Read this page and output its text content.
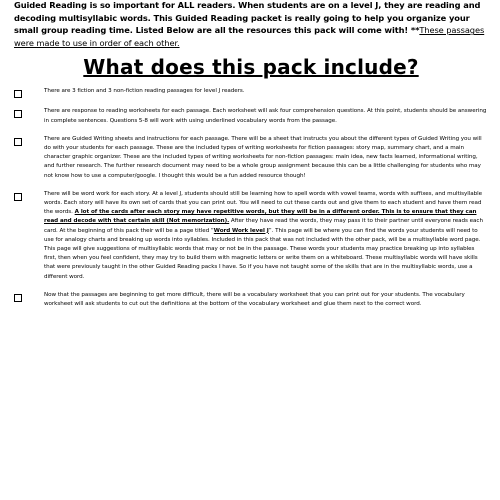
Guided Reading is so important for ALL readers. When students are on a level J, they are reading and decoding multisyllabic words. This Guided Reading packet is really going to help you organize your small group reading time. Listed Below are all the resources this pack will come with! **These passages were made to use in order of each other.
What does this pack include?
There are 3 fiction and 3 non-fiction reading passages for level J readers.
There are response to reading worksheets for each passage. Each worksheet will ask four comprehension questions. At this point, students should be answering in complete sentences. Questions 5-8 will work with using underlined vocabulary words from the passage.
There are Guided Writing sheets and instructions for each passage. There will be a sheet that instructs you about the different types of Guided Writing you will do with your students for each passage. These are the included types of writing worksheets for fiction passages: story map, summary chart, and a main character graphic organizer. These are the included types of writing worksheets for non-fiction passages: main idea, new facts learned, informational writing, and further research. The further research document may need to be a whole group assignment because this can be a little challenging for students who may not know how to use a computer/google. I thought this would be a fun added resource though!
There will be word work for each story. At a level J, students should still be learning how to spell words with vowel teams, words with suffixes, and multisyllable words. Each story will have its own set of cards that you can print out. You will need to cut these cards out and give them to each student and have them read the words. A lot of the cards after each story may have repetitive words, but they will be in a different order. This is to ensure that they can read and decode with that certain skill (Not memorization). After they have read the words, they may pass it to their partner until everyone reads each card. At the beginning of this pack their will be a page titled “Word Work level J”. This page will be where you can find the words your students will need to use for analogy charts and breaking up words into syllables. Included in this pack that was not included with the other pack, will be a multisyllable word page. This page will give suggestions of multisyllabic words that may or not be in the passage. These words your students may practice breaking up into syllables first, then when you feel confident, they may try to build them with magnetic letters or write them on a whiteboard. These multisyllabic words will have skills that were previously taught in the other Guided Reading packs I have. So if you have not taught some of the skills that are in the multisyllabic words, use a different word.
Now that the passages are beginning to get more difficult, there will be a vocabulary worksheet that you can print out for your students. The vocabulary worksheet will ask students to cut out the definitions at the bottom of the vocabulary worksheet and glue them next to the correct word.
